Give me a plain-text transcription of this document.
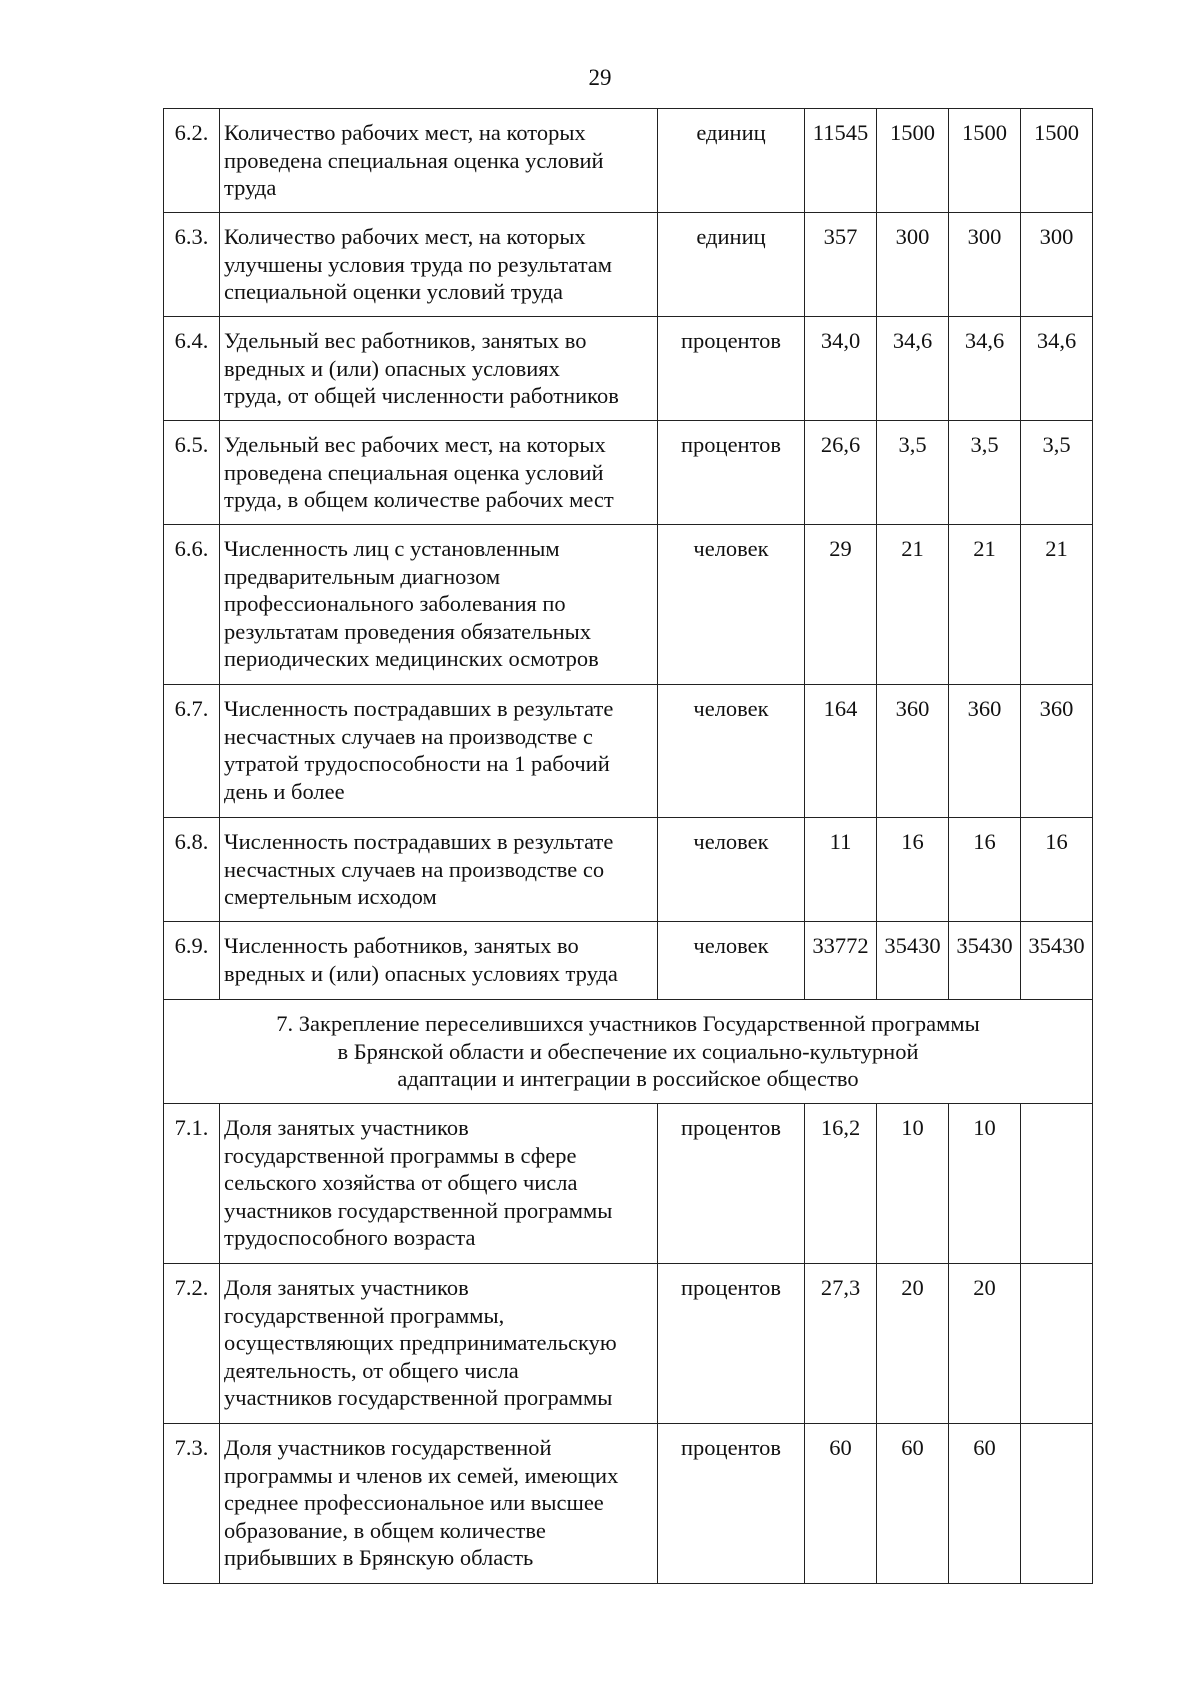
29
6.2.	Количество рабочих мест, на которых
проведена специальная оценка условий
труда	единиц	11545	1500	1500	1500
6.3.	Количество рабочих мест, на которых
улучшены условия труда по результатам
специальной оценки условий труда	единиц	357	300	300	300
6.4.	Удельный вес работников, занятых во
вредных и (или) опасных условиях
труда, от общей численности работников	процентов	34,0	34,6	34,6	34,6
6.5.	Удельный вес рабочих мест, на которых
проведена специальная оценка условий
труда, в общем количестве рабочих мест	процентов	26,6	3,5	3,5	3,5
6.6.	Численность лиц с установленным
предварительным диагнозом
профессионального заболевания по
результатам проведения обязательных
периодических медицинских осмотров	человек	29	21	21	21
6.7.	Численность пострадавших в результате
несчастных случаев на производстве с
утратой трудоспособности на 1 рабочий
день и более	человек	164	360	360	360
6.8.	Численность пострадавших в результате
несчастных случаев на производстве со
смертельным исходом	человек	11	16	16	16
6.9.	Численность работников, занятых во
вредных и (или) опасных условиях труда	человек	33772	35430	35430	35430

7. Закрепление переселившихся участников Государственной программы
в Брянской области и обеспечение их социально-культурной
адаптации и интеграции в российское общество						

7.1.	Доля занятых участников
государственной программы в сфере
сельского хозяйства от общего числа
участников государственной программы
трудоспособного возраста	процентов	16,2	10	10	
7.2.	Доля занятых участников
государственной программы,
осуществляющих предпринимательскую
деятельность, от общего числа
участников государственной программы	процентов	27,3	20	20	
7.3.	Доля участников государственной
программы и членов их семей, имеющих
среднее профессиональное или высшее
образование, в общем количестве
прибывших в Брянскую область	процентов	60	60	60	
